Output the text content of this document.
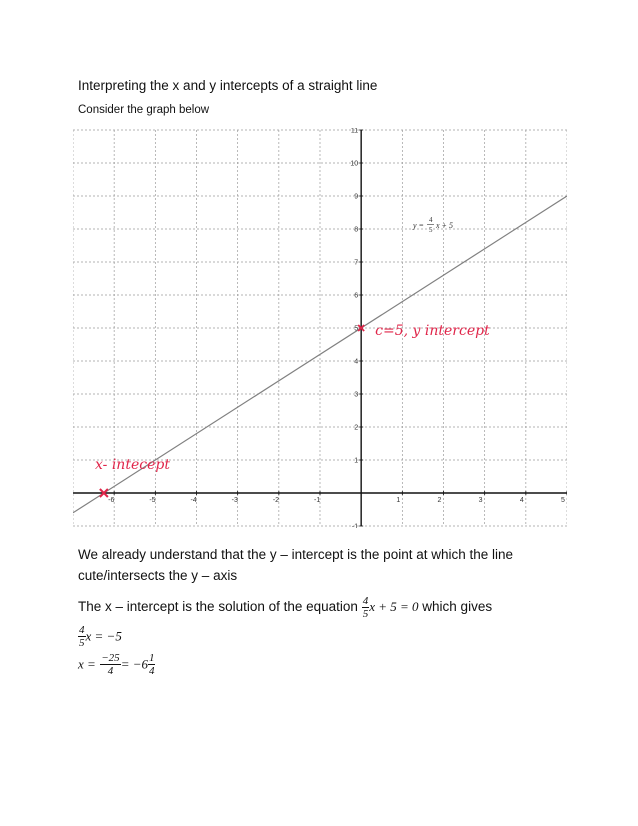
Interpreting the x and y intercepts of a straight line
Consider the graph below
-6	-5	-4	-3	-2	-1	1	2	3	4	5
-1
1
2
3
4
5
6
7
8
9
10
11
y =
4
5 x + 5
c=5, y intercept
x- intecept
We already understand that the y – intercept is the point at which the line cute/intersects the y – axis
The x – intercept is the solution of the equation $\frac{4}{5}$ x + 5 = 0 which gives
$\frac{4}{5}$ x = −5
$x = \frac{-25}{4} = -6 \frac{1}{4}$
